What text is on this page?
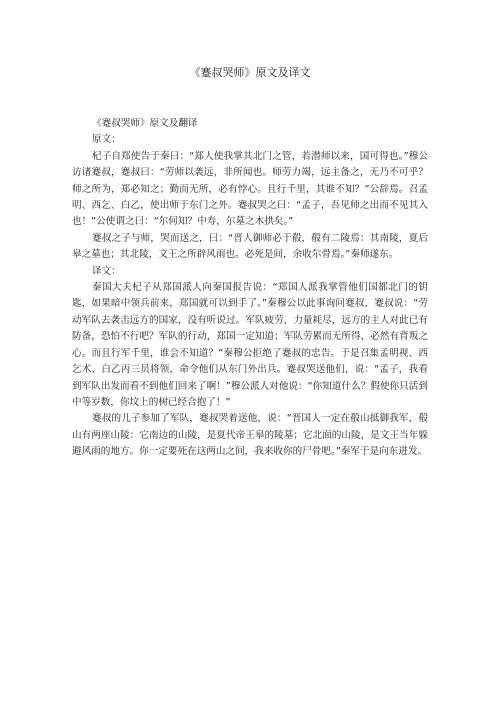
《蹇叔哭师》原文及译文

《蹇叔哭师》原文及翻译

原文：

杞子自郑使告于秦曰：“郑人使我掌其北门之管，若潜师以来，国可得也。”穆公访诸蹇叔，蹇叔曰：“劳师以袭远，非所闻也。师劳力竭，远主备之，无乃不可乎？师之所为，郑必知之；勤而无所，必有悖心。且行千里，其谁不知？”公辞焉。召孟明、西乞、白乙，使出师于东门之外。蹇叔哭之曰：“孟子，吾见师之出而不见其入也！”公使谓之曰：“尔何知？中寿，尔墓之木拱矣。”

蹇叔之子与师，哭而送之，曰：“晋人御师必于殽，殽有二陵焉：其南陵，夏后皋之墓也；其北陵，文王之所辟风雨也。必死是间，余收尔骨焉。”秦师遂东。

译文：

秦国大夫杞子从郑国派人向秦国报告说：“郑国人派我掌管他们国都北门的钥匙，如果暗中领兵前来，郑国就可以到手了。”秦穆公以此事询问蹇叔，蹇叔说：“劳动军队去袭击远方的国家，没有听说过。军队疲劳，力量耗尽，远方的主人对此已有防备，恐怕不行吧？军队的行动，郑国一定知道；军队劳累而无所得，必然有背叛之心。而且行军千里，谁会不知道？”秦穆公拒绝了蹇叔的忠告。于是召集孟明视、西乞术、白乙丙三员将领，命令他们从东门外出兵。蹇叔哭送他们，说：“孟子，我看到军队出发而看不到他们回来了啊！”穆公派人对他说：“你知道什么？假使你只活到中等岁数，你坟上的树已经合抱了！”

蹇叔的儿子参加了军队，蹇叔哭着送他，说：“晋国人一定在殽山抵御我军，殽山有两座山陵：它南边的山陵，是夏代帝王皋的陵墓；它北面的山陵，是文王当年躲避风雨的地方。你一定要死在这两山之间，我来收你的尸骨吧。”秦军于是向东进发。
